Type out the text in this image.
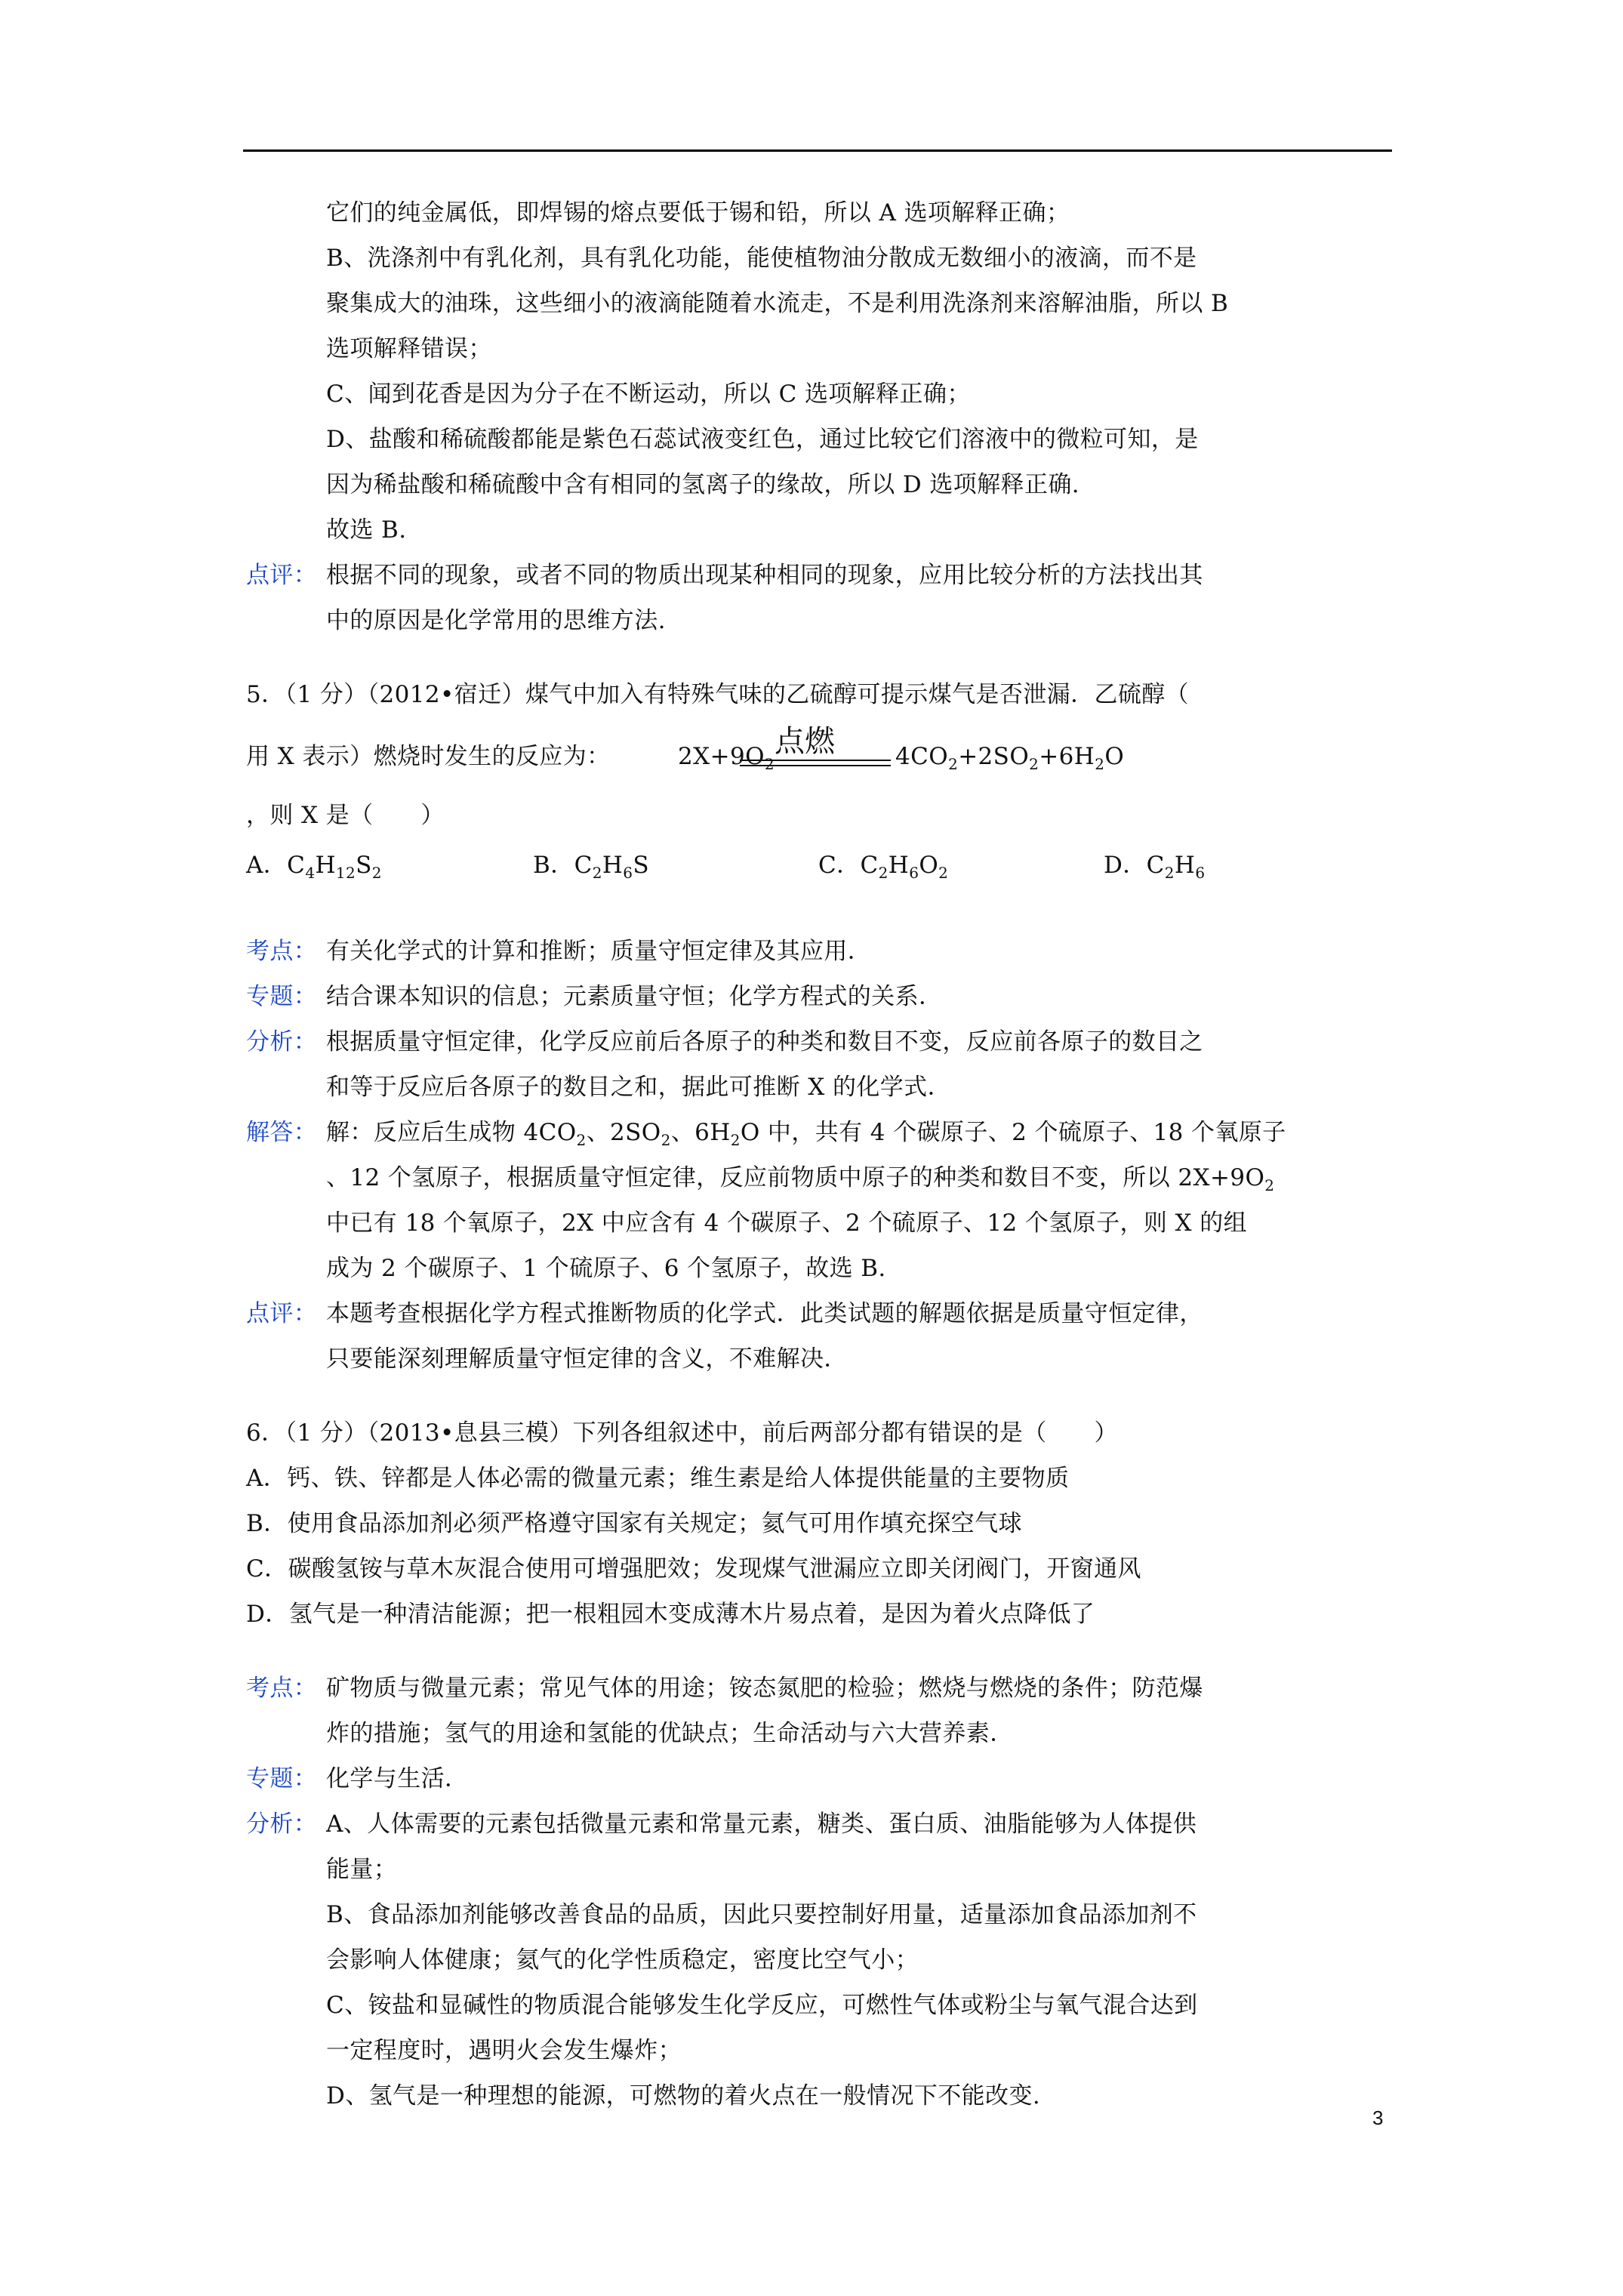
它们的纯金属低，即焊锡的熔点要低于锡和铅，所以 A 选项解释正确；
B、洗涤剂中有乳化剂，具有乳化功能，能使植物油分散成无数细小的液滴，而不是
聚集成大的油珠，这些细小的液滴能随着水流走，不是利用洗涤剂来溶解油脂，所以 B
选项解释错误；
C、闻到花香是因为分子在不断运动，所以 C 选项解释正确；
D、盐酸和稀硫酸都能是紫色石蕊试液变红色，通过比较它们溶液中的微粒可知，是
因为稀盐酸和稀硫酸中含有相同的氢离子的缘故，所以 D 选项解释正确.
故选 B.
点评： 根据不同的现象，或者不同的物质出现某种相同的现象，应用比较分析的方法找出其
中的原因是化学常用的思维方法.
5．（1 分）（2012•宿迁）煤气中加入有特殊气味的乙硫醇可提示煤气是否泄漏．乙硫醇（
用 X 表示）燃烧时发生的反应为：	$2X+9O_2$
点燃	$4CO_2+2SO_2+6H_2O$
，则 X 是（　　）
A．$C_4H_{12}S_2$	B．$C_2H_6S$	C．$C_2H_6O_2$	D．$C_2H_6$
考点： 有关化学式的计算和推断；质量守恒定律及其应用．
专题： 结合课本知识的信息；元素质量守恒；化学方程式的关系．
分析： 根据质量守恒定律，化学反应前后各原子的种类和数目不变，反应前各原子的数目之
和等于反应后各原子的数目之和，据此可推断 X 的化学式．
解答： 解：反应后生成物 $4CO_2$、$2SO_2$、$6H_2O$ 中，共有 4 个碳原子、2 个硫原子、18 个氧原子
、12 个氢原子，根据质量守恒定律，反应前物质中原子的种类和数目不变，所以 $2X+9O_2$
中已有 18 个氧原子，2X 中应含有 4 个碳原子、2 个硫原子、12 个氢原子，则 X 的组
成为 2 个碳原子、1 个硫原子、6 个氢原子，故选 B.
点评： 本题考查根据化学方程式推断物质的化学式．此类试题的解题依据是质量守恒定律，
只要能深刻理解质量守恒定律的含义，不难解决．
6．（1 分）（2013•息县三模）下列各组叙述中，前后两部分都有错误的是（　　）
A．钙、铁、锌都是人体必需的微量元素；维生素是给人体提供能量的主要物质
B．使用食品添加剂必须严格遵守国家有关规定；氦气可用作填充探空气球
C．碳酸氢铵与草木灰混合使用可增强肥效；发现煤气泄漏应立即关闭阀门，开窗通风
D．氢气是一种清洁能源；把一根粗园木变成薄木片易点着，是因为着火点降低了
考点： 矿物质与微量元素；常见气体的用途；铵态氮肥的检验；燃烧与燃烧的条件；防范爆
炸的措施；氢气的用途和氢能的优缺点；生命活动与六大营养素．
专题： 化学与生活．
分析： A、人体需要的元素包括微量元素和常量元素，糖类、蛋白质、油脂能够为人体提供
能量；
B、食品添加剂能够改善食品的品质，因此只要控制好用量，适量添加食品添加剂不
会影响人体健康；氦气的化学性质稳定，密度比空气小；
C、铵盐和显碱性的物质混合能够发生化学反应，可燃性气体或粉尘与氧气混合达到
一定程度时，遇明火会发生爆炸；
D、氢气是一种理想的能源，可燃物的着火点在一般情况下不能改变.
3
